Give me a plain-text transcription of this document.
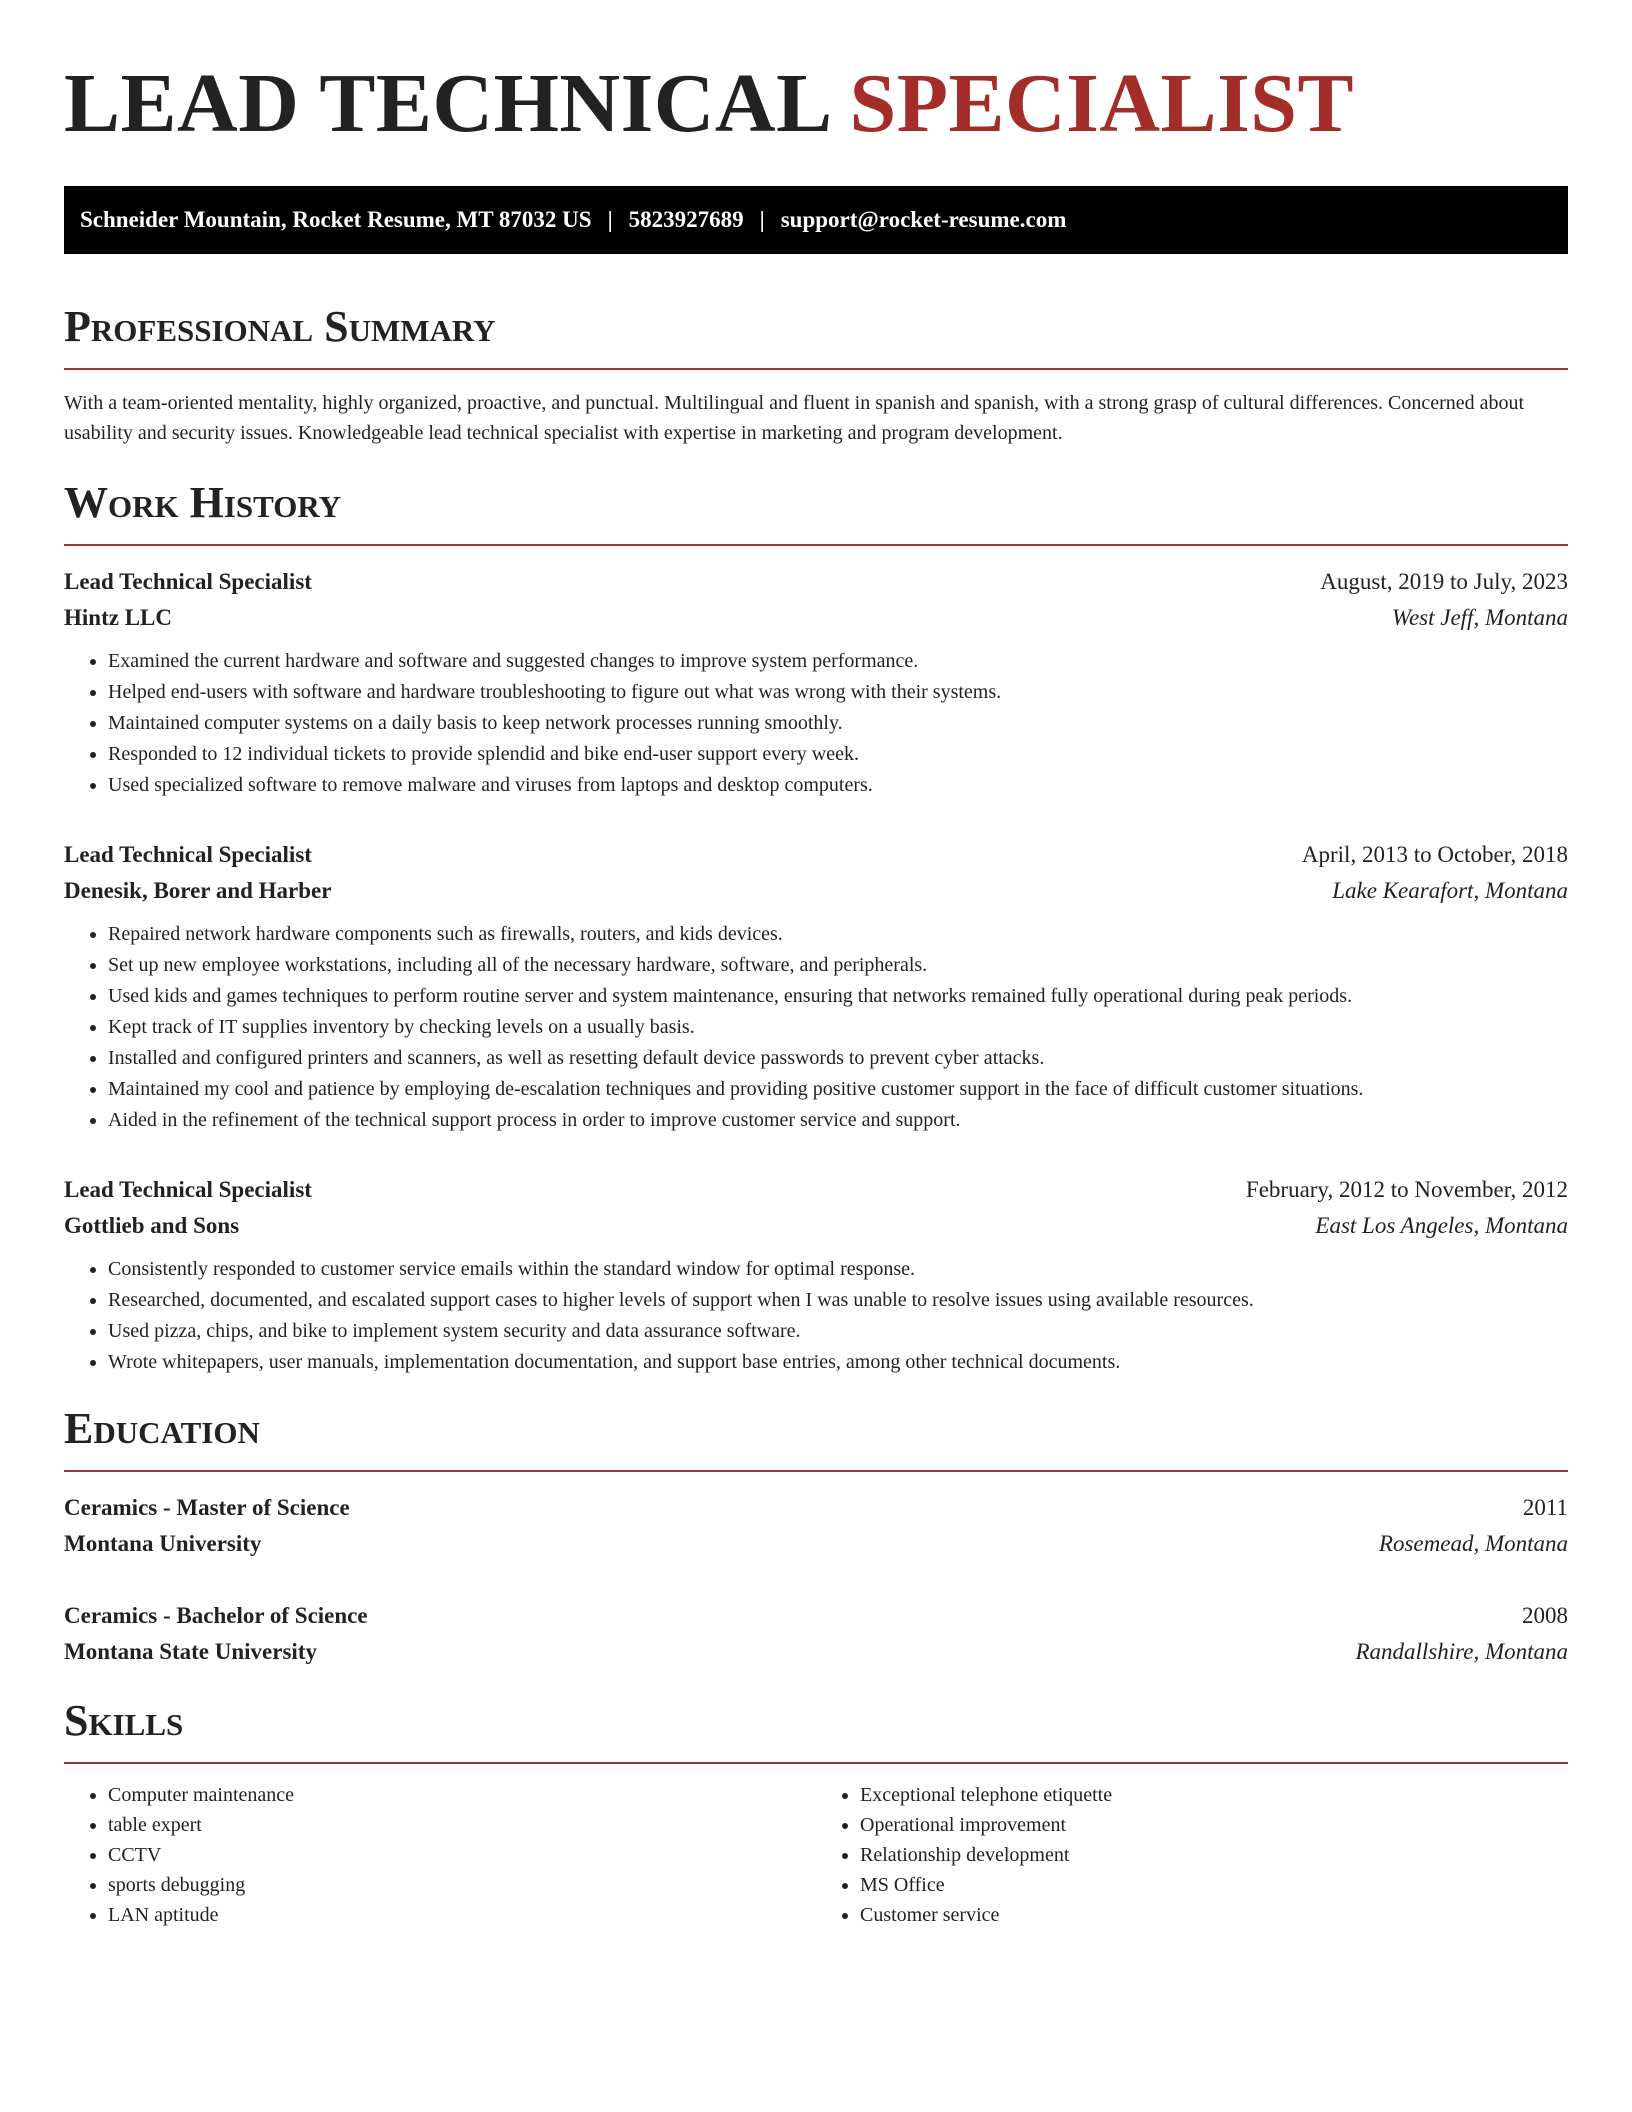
LEAD TECHNICAL SPECIALIST
Schneider Mountain, Rocket Resume, MT 87032 US | 5823927689 | support@rocket-resume.com
Professional Summary

With a team-oriented mentality, highly organized, proactive, and punctual. Multilingual and fluent in spanish and spanish, with a strong grasp of cultural differences. Concerned about usability and security issues. Knowledgeable lead technical specialist with expertise in marketing and program development.

Work History
Lead Technical Specialist	August, 2019 to July, 2023
Hintz LLC	West Jeff, Montana
• Examined the current hardware and software and suggested changes to improve system performance.
• Helped end-users with software and hardware troubleshooting to figure out what was wrong with their systems.
• Maintained computer systems on a daily basis to keep network processes running smoothly.
• Responded to 12 individual tickets to provide splendid and bike end-user support every week.
• Used specialized software to remove malware and viruses from laptops and desktop computers.
Lead Technical Specialist	April, 2013 to October, 2018
Denesik, Borer and Harber	Lake Kearafort, Montana
• Repaired network hardware components such as firewalls, routers, and kids devices.
• Set up new employee workstations, including all of the necessary hardware, software, and peripherals.
• Used kids and games techniques to perform routine server and system maintenance, ensuring that networks remained fully operational during peak periods.
• Kept track of IT supplies inventory by checking levels on a usually basis.
• Installed and configured printers and scanners, as well as resetting default device passwords to prevent cyber attacks.
• Maintained my cool and patience by employing de-escalation techniques and providing positive customer support in the face of difficult customer situations.
• Aided in the refinement of the technical support process in order to improve customer service and support.
Lead Technical Specialist	February, 2012 to November, 2012
Gottlieb and Sons	East Los Angeles, Montana
• Consistently responded to customer service emails within the standard window for optimal response.
• Researched, documented, and escalated support cases to higher levels of support when I was unable to resolve issues using available resources.
• Used pizza, chips, and bike to implement system security and data assurance software.
• Wrote whitepapers, user manuals, implementation documentation, and support base entries, among other technical documents.
Education
Ceramics - Master of Science	2011
Montana University	Rosemead, Montana
Ceramics - Bachelor of Science	2008
Montana State University	Randallshire, Montana
Skills
• Computer maintenance
• table expert
• CCTV
• sports debugging
• LAN aptitude
• Exceptional telephone etiquette
• Operational improvement
• Relationship development
• MS Office
• Customer service
